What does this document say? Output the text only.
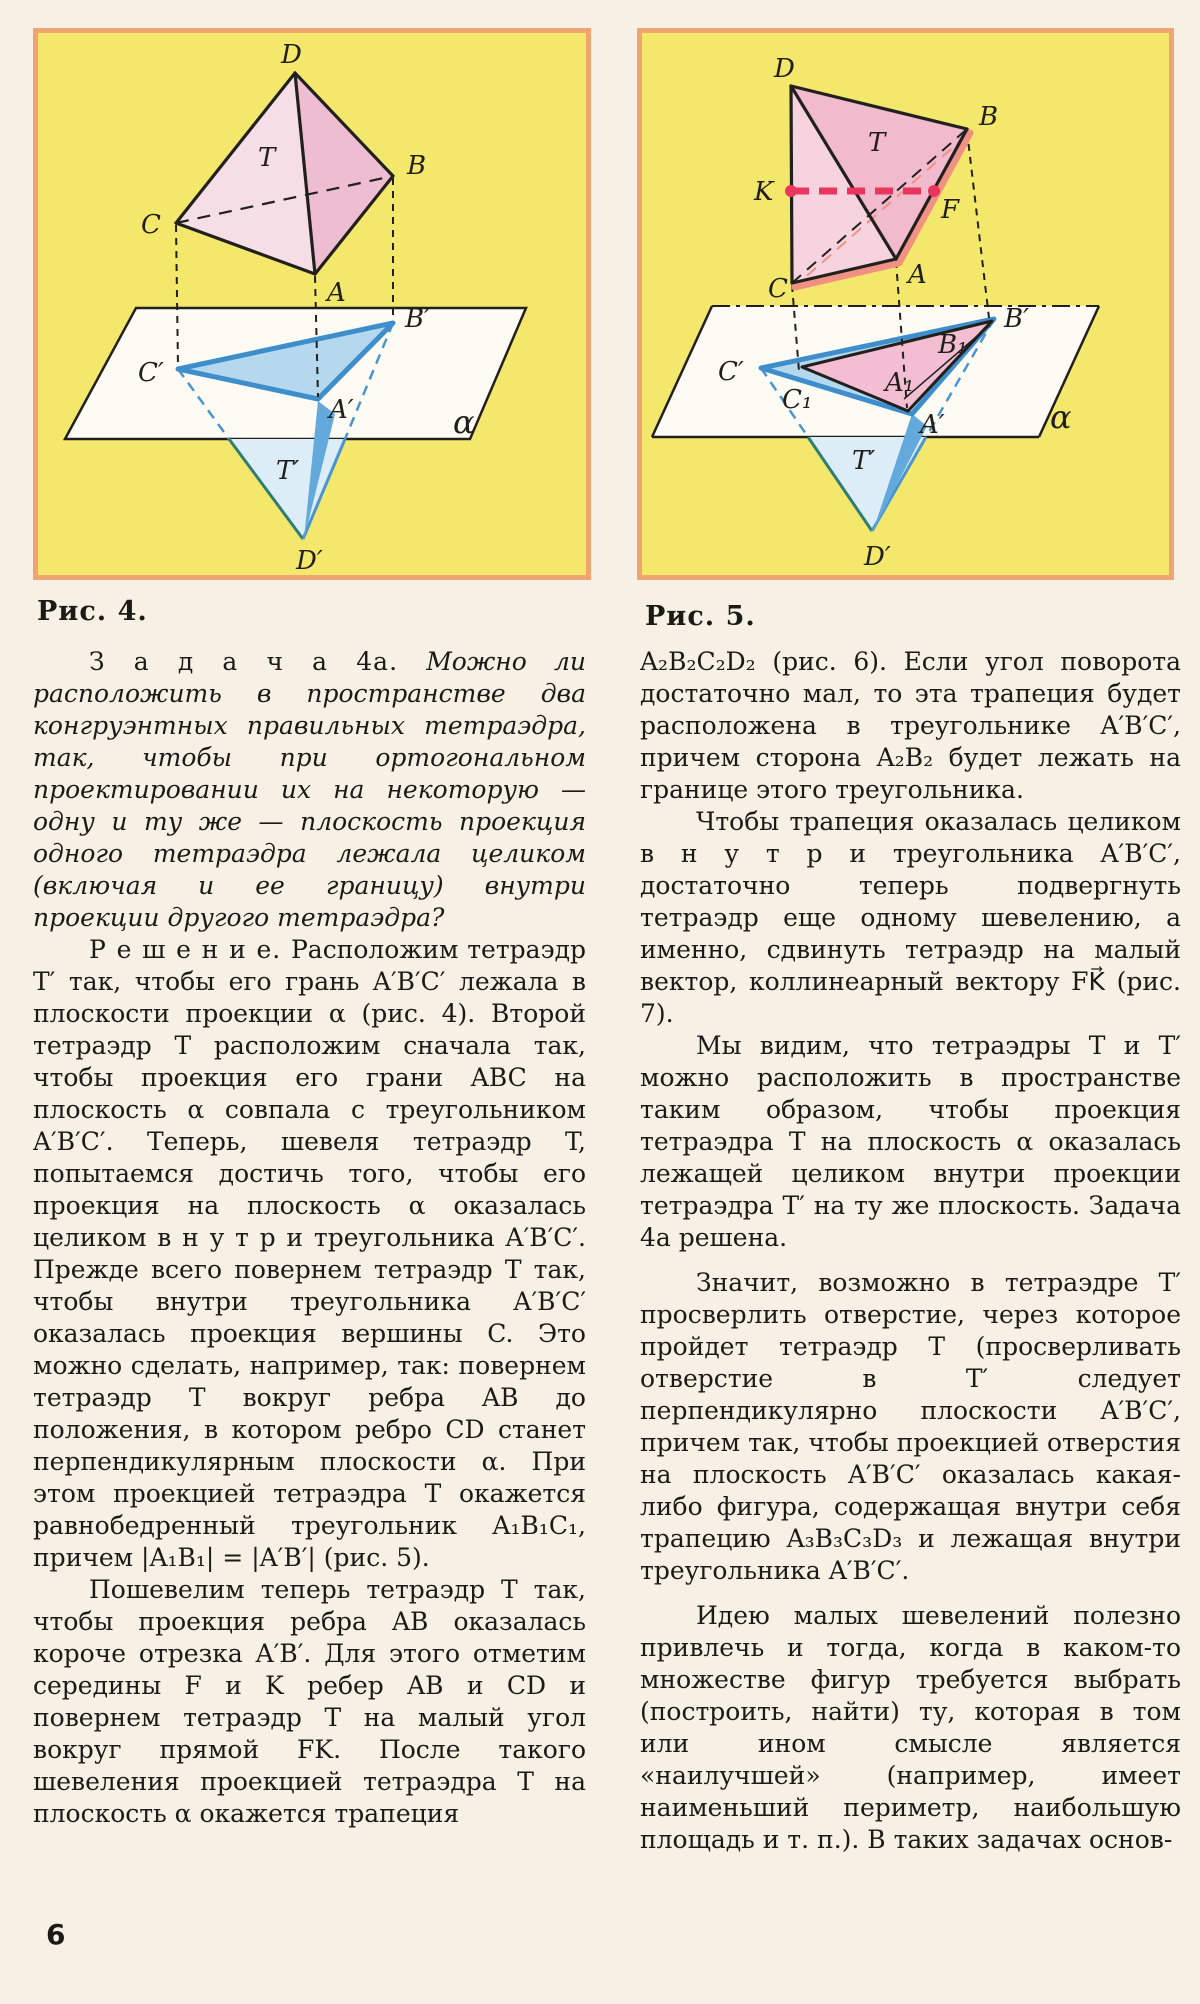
D
T
C
B
A
C′
B′
A′
T′
D′
α
D
B
T
K
F
A
C
C′
C₁
A₁
A′
B₁
B′
T′
D′
α
Рис. 4.	Рис. 5.

З а д а ч а 4а. Можно ли расположить в пространстве два конгруэнтных правильных тетраэдра, так, чтобы при ортогональном проектировании их на некоторую — одну и ту же — плоскость проекция одного тетраэдра лежала целиком (включая и ее границу) внутри проекции другого тетраэдра?

Р е ш е н и е. Расположим тетраэдр T′ так, чтобы его грань A′B′C′ лежала в плоскости проекции α (рис. 4). Второй тетраэдр T расположим сначала так, чтобы проекция его грани ABC на плоскость α совпала с треугольником A′B′C′. Теперь, шевеля тетраэдр T, попытаемся достичь того, чтобы его проекция на плоскость α оказалась целиком в н у т р и треугольника A′B′C′. Прежде всего повернем тетраэдр T так, чтобы внутри треугольника A′B′C′ оказалась проекция вершины C. Это можно сделать, например, так: повернем тетраэдр T вокруг ребра AB до положения, в котором ребро CD станет перпендикулярным плоскости α. При этом проекцией тетраэдра T окажется равнобедренный треугольник A₁B₁C₁, причем |A₁B₁| = |A′B′| (рис. 5).

Пошевелим теперь тетраэдр T так, чтобы проекция ребра AB оказалась короче отрезка A′B′. Для этого отметим середины F и K ребер AB и CD и повернем тетраэдр T на малый угол вокруг прямой FK. После такого шевеления проекцией тетраэдра T на плоскость α окажется трапеция

A₂B₂C₂D₂ (рис. 6). Если угол поворота достаточно мал, то эта трапеция будет расположена в треугольнике A′B′C′, причем сторона A₂B₂ будет лежать на границе этого треугольника.

Чтобы трапеция оказалась целиком в н у т р и треугольника A′B′C′, достаточно теперь подвергнуть тетраэдр еще одному шевелению, а именно, сдвинуть тетраэдр на малый вектор, коллинеарный вектору FK⃗ (рис. 7).

Мы видим, что тетраэдры T и T′ можно расположить в пространстве таким образом, чтобы проекция тетраэдра T на плоскость α оказалась лежащей целиком внутри проекции тетраэдра T′ на ту же плоскость. Задача 4а решена.

Значит, возможно в тетраэдре T′ просверлить отверстие, через которое пройдет тетраэдр T (просверливать отверстие в T′ следует перпендикулярно плоскости A′B′C′, причем так, чтобы проекцией отверстия на плоскость A′B′C′ оказалась какая-либо фигура, содержащая внутри себя трапецию A₃B₃C₃D₃ и лежащая внутри треугольника A′B′C′.

Идею малых шевелений полезно привлечь и тогда, когда в каком-то множестве фигур требуется выбрать (построить, найти) ту, которая в том или ином смысле является «наилучшей» (например, имеет наименьший периметр, наибольшую площадь и т. п.). В таких задачах основ-

6
